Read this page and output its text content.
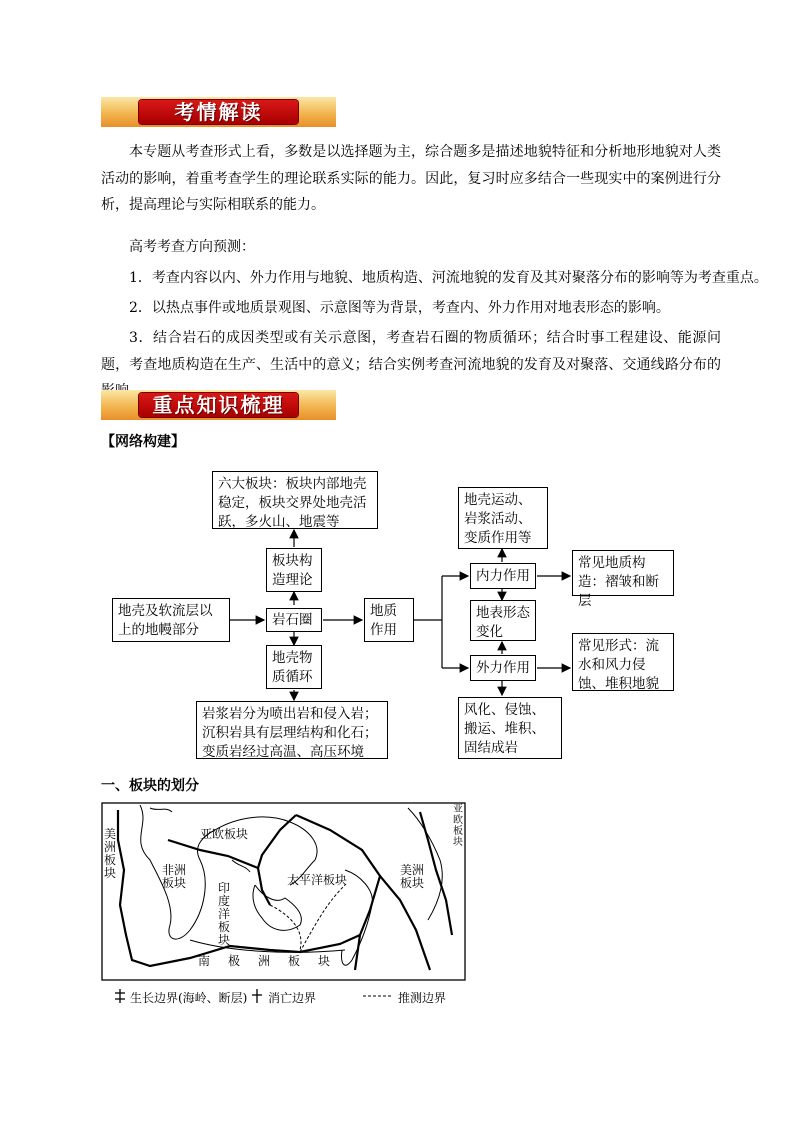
考情解读
本专题从考查形式上看，多数是以选择题为主，综合题多是描述地貌特征和分析地形地貌对人类活动的影响，着重考查学生的理论联系实际的能力。因此，复习时应多结合一些现实中的案例进行分析，提高理论与实际相联系的能力。
高考考查方向预测：
1．考查内容以内、外力作用与地貌、地质构造、河流地貌的发育及其对聚落分布的影响等为考查重点。
2．以热点事件或地质景观图、示意图等为背景，考查内、外力作用对地表形态的影响。
3．结合岩石的成因类型或有关示意图，考查岩石圈的物质循环；结合时事工程建设、能源问题，考查地质构造在生产、生活中的意义；结合实例考查河流地貌的发育及对聚落、交通线路分布的
重点知识梳理
【网络构建】
六大板块：板块内部地壳稳定，板块交界处地壳活跃，多火山、地震等
板块构造理论
地壳及软流层以上的地幔部分
岩石圈
地质作用
地壳物质循环
岩浆岩分为喷出岩和侵入岩；沉积岩具有层理结构和化石；变质岩经过高温、高压环境
地壳运动、岩浆活动、变质作用等
内力作用
地表形态变化
外力作用
常见地质构造：褶皱和断层
常见形式：流水和风力侵蚀、堆积地貌
风化、侵蚀、搬运、堆积、固结成岩
一、板块的划分
美洲板块
亚欧板块
非洲板块	印度洋板块
太平洋板块
美洲板块
南极洲板块
亚欧板块
生长边界(海岭、断层) 消亡边界	推测边界
